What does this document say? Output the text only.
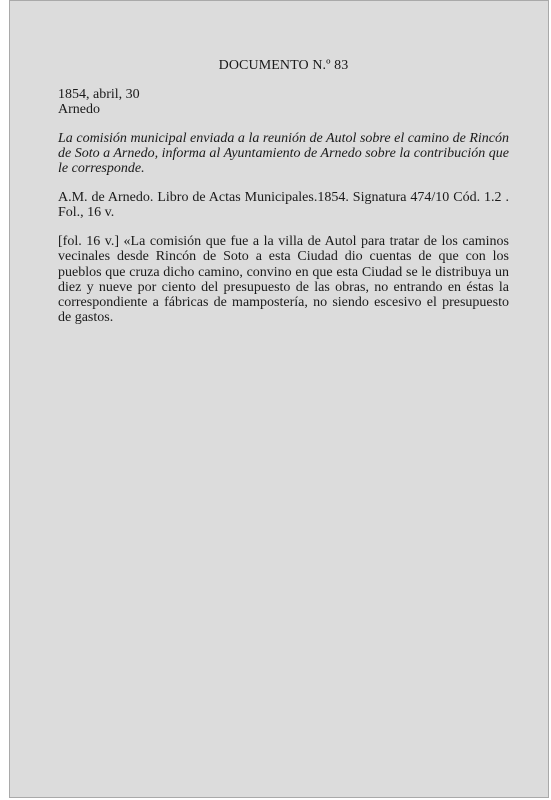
DOCUMENTO N.º 83

1854, abril, 30

Arnedo

La comisión municipal enviada a la reunión de Autol sobre el camino de Rincón de Soto a Arnedo, informa al Ayuntamiento de Arnedo sobre la contribución que le corresponde.

A.M. de Arnedo. Libro de Actas Municipales.1854. Signatura 474/10 Cód. 1.2 . Fol., 16 v.

[fol. 16 v.] «La comisión que fue a la villa de Autol para tratar de los caminos vecinales desde Rincón de Soto a esta Ciudad dio cuentas de que con los pueblos que cruza dicho camino, convino en que esta Ciudad se le distribuya un diez y nueve por ciento del presupuesto de las obras, no entrando en éstas la correspondiente a fábricas de mampostería, no siendo escesivo el presupuesto de gastos.
